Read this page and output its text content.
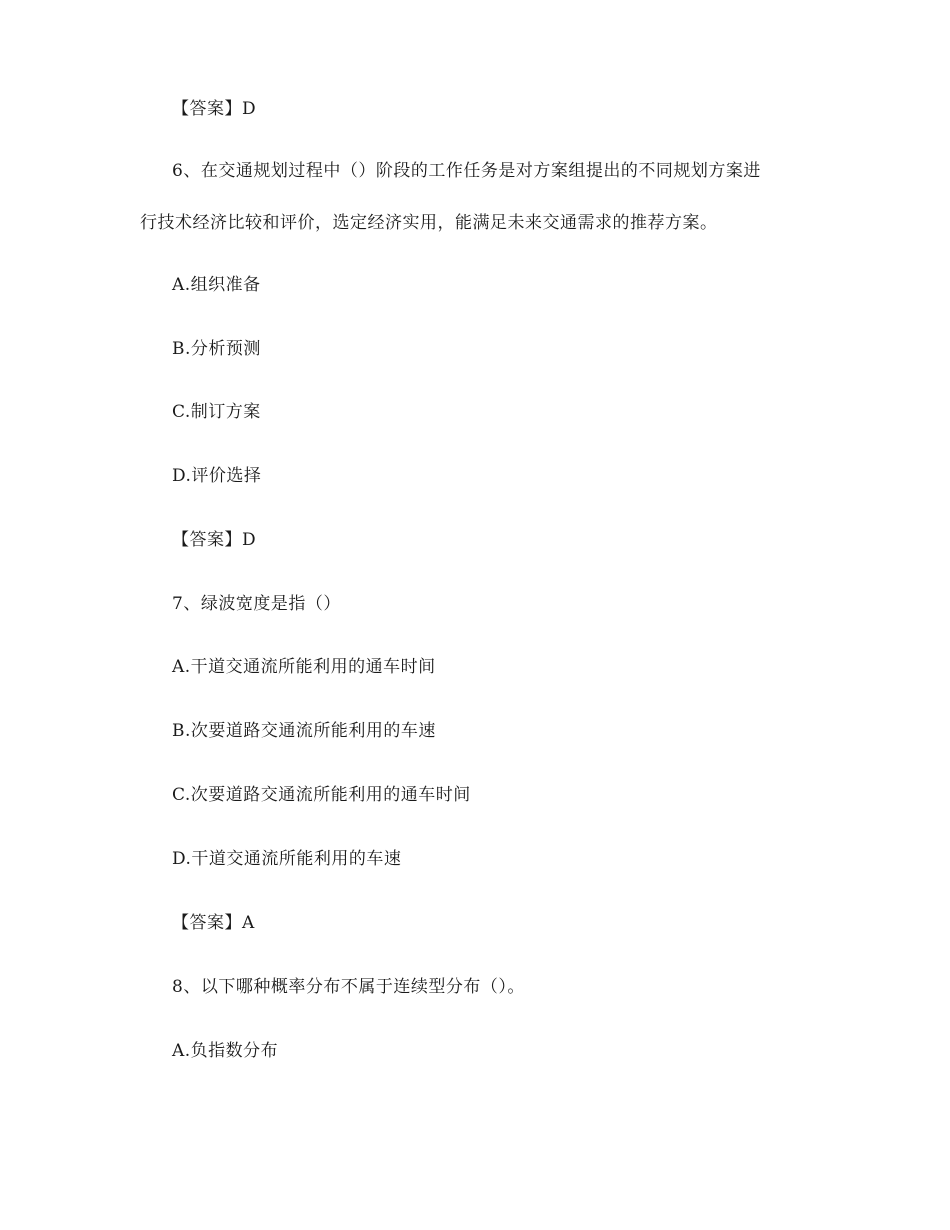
【答案】D
6、在交通规划过程中（）阶段的工作任务是对方案组提出的不同规划方案进
行技术经济比较和评价，选定经济实用，能满足未来交通需求的推荐方案。
A.组织准备
B.分析预测
C.制订方案
D.评价选择
【答案】D
7、绿波宽度是指（）
A.干道交通流所能利用的通车时间
B.次要道路交通流所能利用的车速
C.次要道路交通流所能利用的通车时间
D.干道交通流所能利用的车速
【答案】A
8、以下哪种概率分布不属于连续型分布（）。
A.负指数分布
